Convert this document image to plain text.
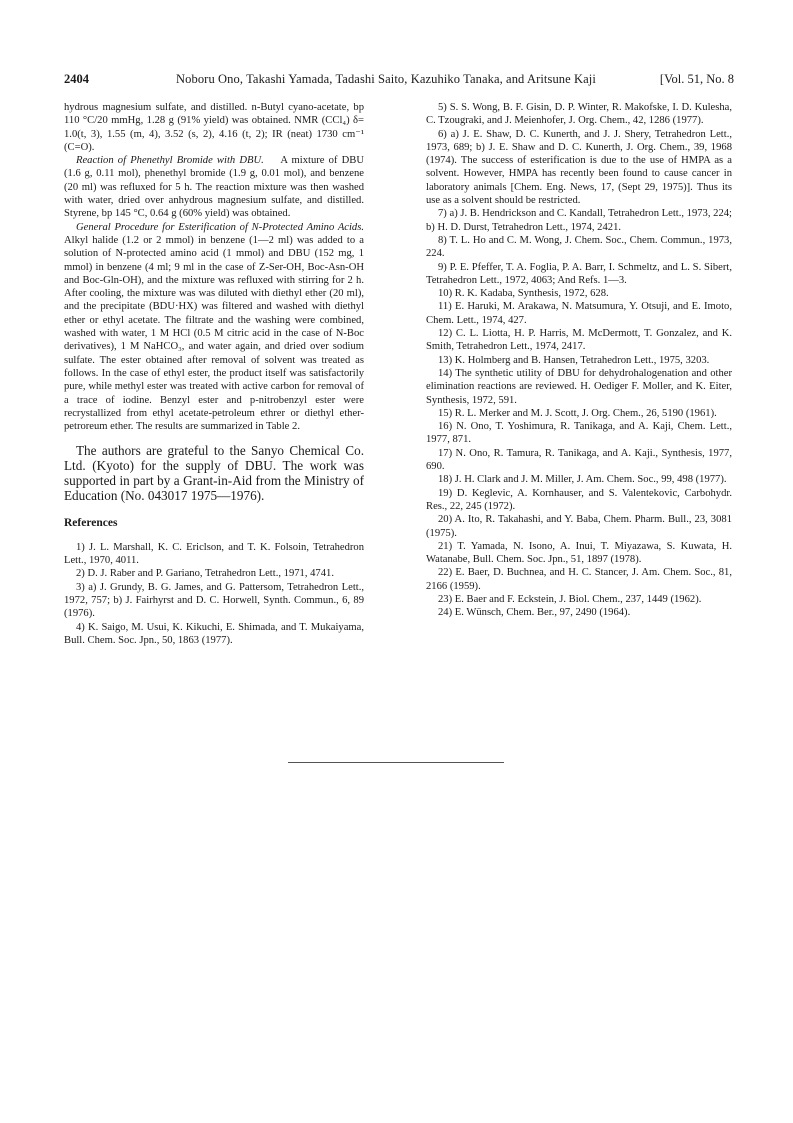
2404	Noboru Ono, Takashi Yamada, Tadashi Saito, Kazuhiko Tanaka, and Aritsune Kaji	[Vol. 51, No. 8

hydrous magnesium sulfate, and distilled. n-Butyl cyano-acetate, bp 110 °C/20 mmHg, 1.28 g (91% yield) was obtained. NMR (CCl₄) δ= 1.0(t, 3), 1.55 (m, 4), 3.52 (s, 2), 4.16 (t, 2); IR (neat) 1730 cm⁻¹ (C=O).

Reaction of Phenethyl Bromide with DBU. A mixture of DBU (1.6 g, 0.11 mol), phenethyl bromide (1.9 g, 0.01 mol), and benzene (20 ml) was refluxed for 5 h. The reaction mixture was then washed with water, dried over anhydrous magnesium sulfate, and distilled. Styrene, bp 145 °C, 0.64 g (60% yield) was obtained.

General Procedure for Esterification of N-Protected Amino Acids. Alkyl halide (1.2 or 2 mmol) in benzene (1—2 ml) was added to a solution of N-protected amino acid (1 mmol) and DBU (152 mg, 1 mmol) in benzene (4 ml; 9 ml in the case of Z-Ser-OH, Boc-Asn-OH and Boc-Gln-OH), and the mixture was refluxed with stirring for 2 h. After cooling, the mixture was was diluted with diethyl ether (20 ml), and the precipitate (BDU·HX) was filtered and washed with diethyl ether or ethyl acetate. The filtrate and the washing were combined, washed with water, 1 M HCl (0.5 M citric acid in the case of N-Boc derivatives), 1 M NaHCO₃, and water again, and dried over sodium sulfate. The ester obtained after removal of solvent was treated as follows. In the case of ethyl ester, the product itself was satisfactorily pure, while methyl ester was treated with active carbon for removal of a trace of iodine. Benzyl ester and p-nitrobenzyl ester were recrystallized from ethyl acetate-petroleum ethrer or diethyl ether-petroreum ether. The results are summarized in Table 2.

The authors are grateful to the Sanyo Chemical Co. Ltd. (Kyoto) for the supply of DBU. The work was supported in part by a Grant-in-Aid from the Ministry of Education (No. 043017 1975—1976).

References

1) J. L. Marshall, K. C. Ericlson, and T. K. Folsoin, Tetrahedron Lett., 1970, 4011.

2) D. J. Raber and P. Gariano, Tetrahedron Lett., 1971, 4741.

3) a) J. Grundy, B. G. James, and G. Pattersom, Tetrahedron Lett., 1972, 757; b) J. Fairhyrst and D. C. Horwell, Synth. Commun., 6, 89 (1976).

4) K. Saigo, M. Usui, K. Kikuchi, E. Shimada, and T. Mukaiyama, Bull. Chem. Soc. Jpn., 50, 1863 (1977).

5) S. S. Wong, B. F. Gisin, D. P. Winter, R. Makofske, I. D. Kulesha, C. Tzougraki, and J. Meienhofer, J. Org. Chem., 42, 1286 (1977).

6) a) J. E. Shaw, D. C. Kunerth, and J. J. Shery, Tetrahedron Lett., 1973, 689; b) J. E. Shaw and D. C. Kunerth, J. Org. Chem., 39, 1968 (1974). The success of esterification is due to the use of HMPA as a solvent. However, HMPA has recently been found to cause cancer in laboratory animals [Chem. Eng. News, 17, (Sept 29, 1975)]. Thus its use as a solvent should be restricted.

7) a) J. B. Hendrickson and C. Kandall, Tetrahedron Lett., 1973, 224; b) H. D. Durst, Tetrahedron Lett., 1974, 2421.

8) T. L. Ho and C. M. Wong, J. Chem. Soc., Chem. Commun., 1973, 224.

9) P. E. Pfeffer, T. A. Foglia, P. A. Barr, I. Schmeltz, and L. S. Sibert, Tetrahedron Lett., 1972, 4063; And Refs. 1—3.

10) R. K. Kadaba, Synthesis, 1972, 628.

11) E. Haruki, M. Arakawa, N. Matsumura, Y. Otsuji, and E. Imoto, Chem. Lett., 1974, 427.

12) C. L. Liotta, H. P. Harris, M. McDermott, T. Gonzalez, and K. Smith, Tetrahedron Lett., 1974, 2417.

13) K. Holmberg and B. Hansen, Tetrahedron Lett., 1975, 3203.

14) The synthetic utility of DBU for dehydrohalogenation and other elimination reactions are reviewed. H. Oediger F. Moller, and K. Eiter, Synthesis, 1972, 591.

15) R. L. Merker and M. J. Scott, J. Org. Chem., 26, 5190 (1961).

16) N. Ono, T. Yoshimura, R. Tanikaga, and A. Kaji, Chem. Lett., 1977, 871.

17) N. Ono, R. Tamura, R. Tanikaga, and A. Kaji., Synthesis, 1977, 690.

18) J. H. Clark and J. M. Miller, J. Am. Chem. Soc., 99, 498 (1977).

19) D. Keglevic, A. Kornhauser, and S. Valentekovic, Carbohydr. Res., 22, 245 (1972).

20) A. Ito, R. Takahashi, and Y. Baba, Chem. Pharm. Bull., 23, 3081 (1975).

21) T. Yamada, N. Isono, A. Inui, T. Miyazawa, S. Kuwata, H. Watanabe, Bull. Chem. Soc. Jpn., 51, 1897 (1978).

22) E. Baer, D. Buchnea, and H. C. Stancer, J. Am. Chem. Soc., 81, 2166 (1959).

23) E. Baer and F. Eckstein, J. Biol. Chem., 237, 1449 (1962).

24) E. Wünsch, Chem. Ber., 97, 2490 (1964).
